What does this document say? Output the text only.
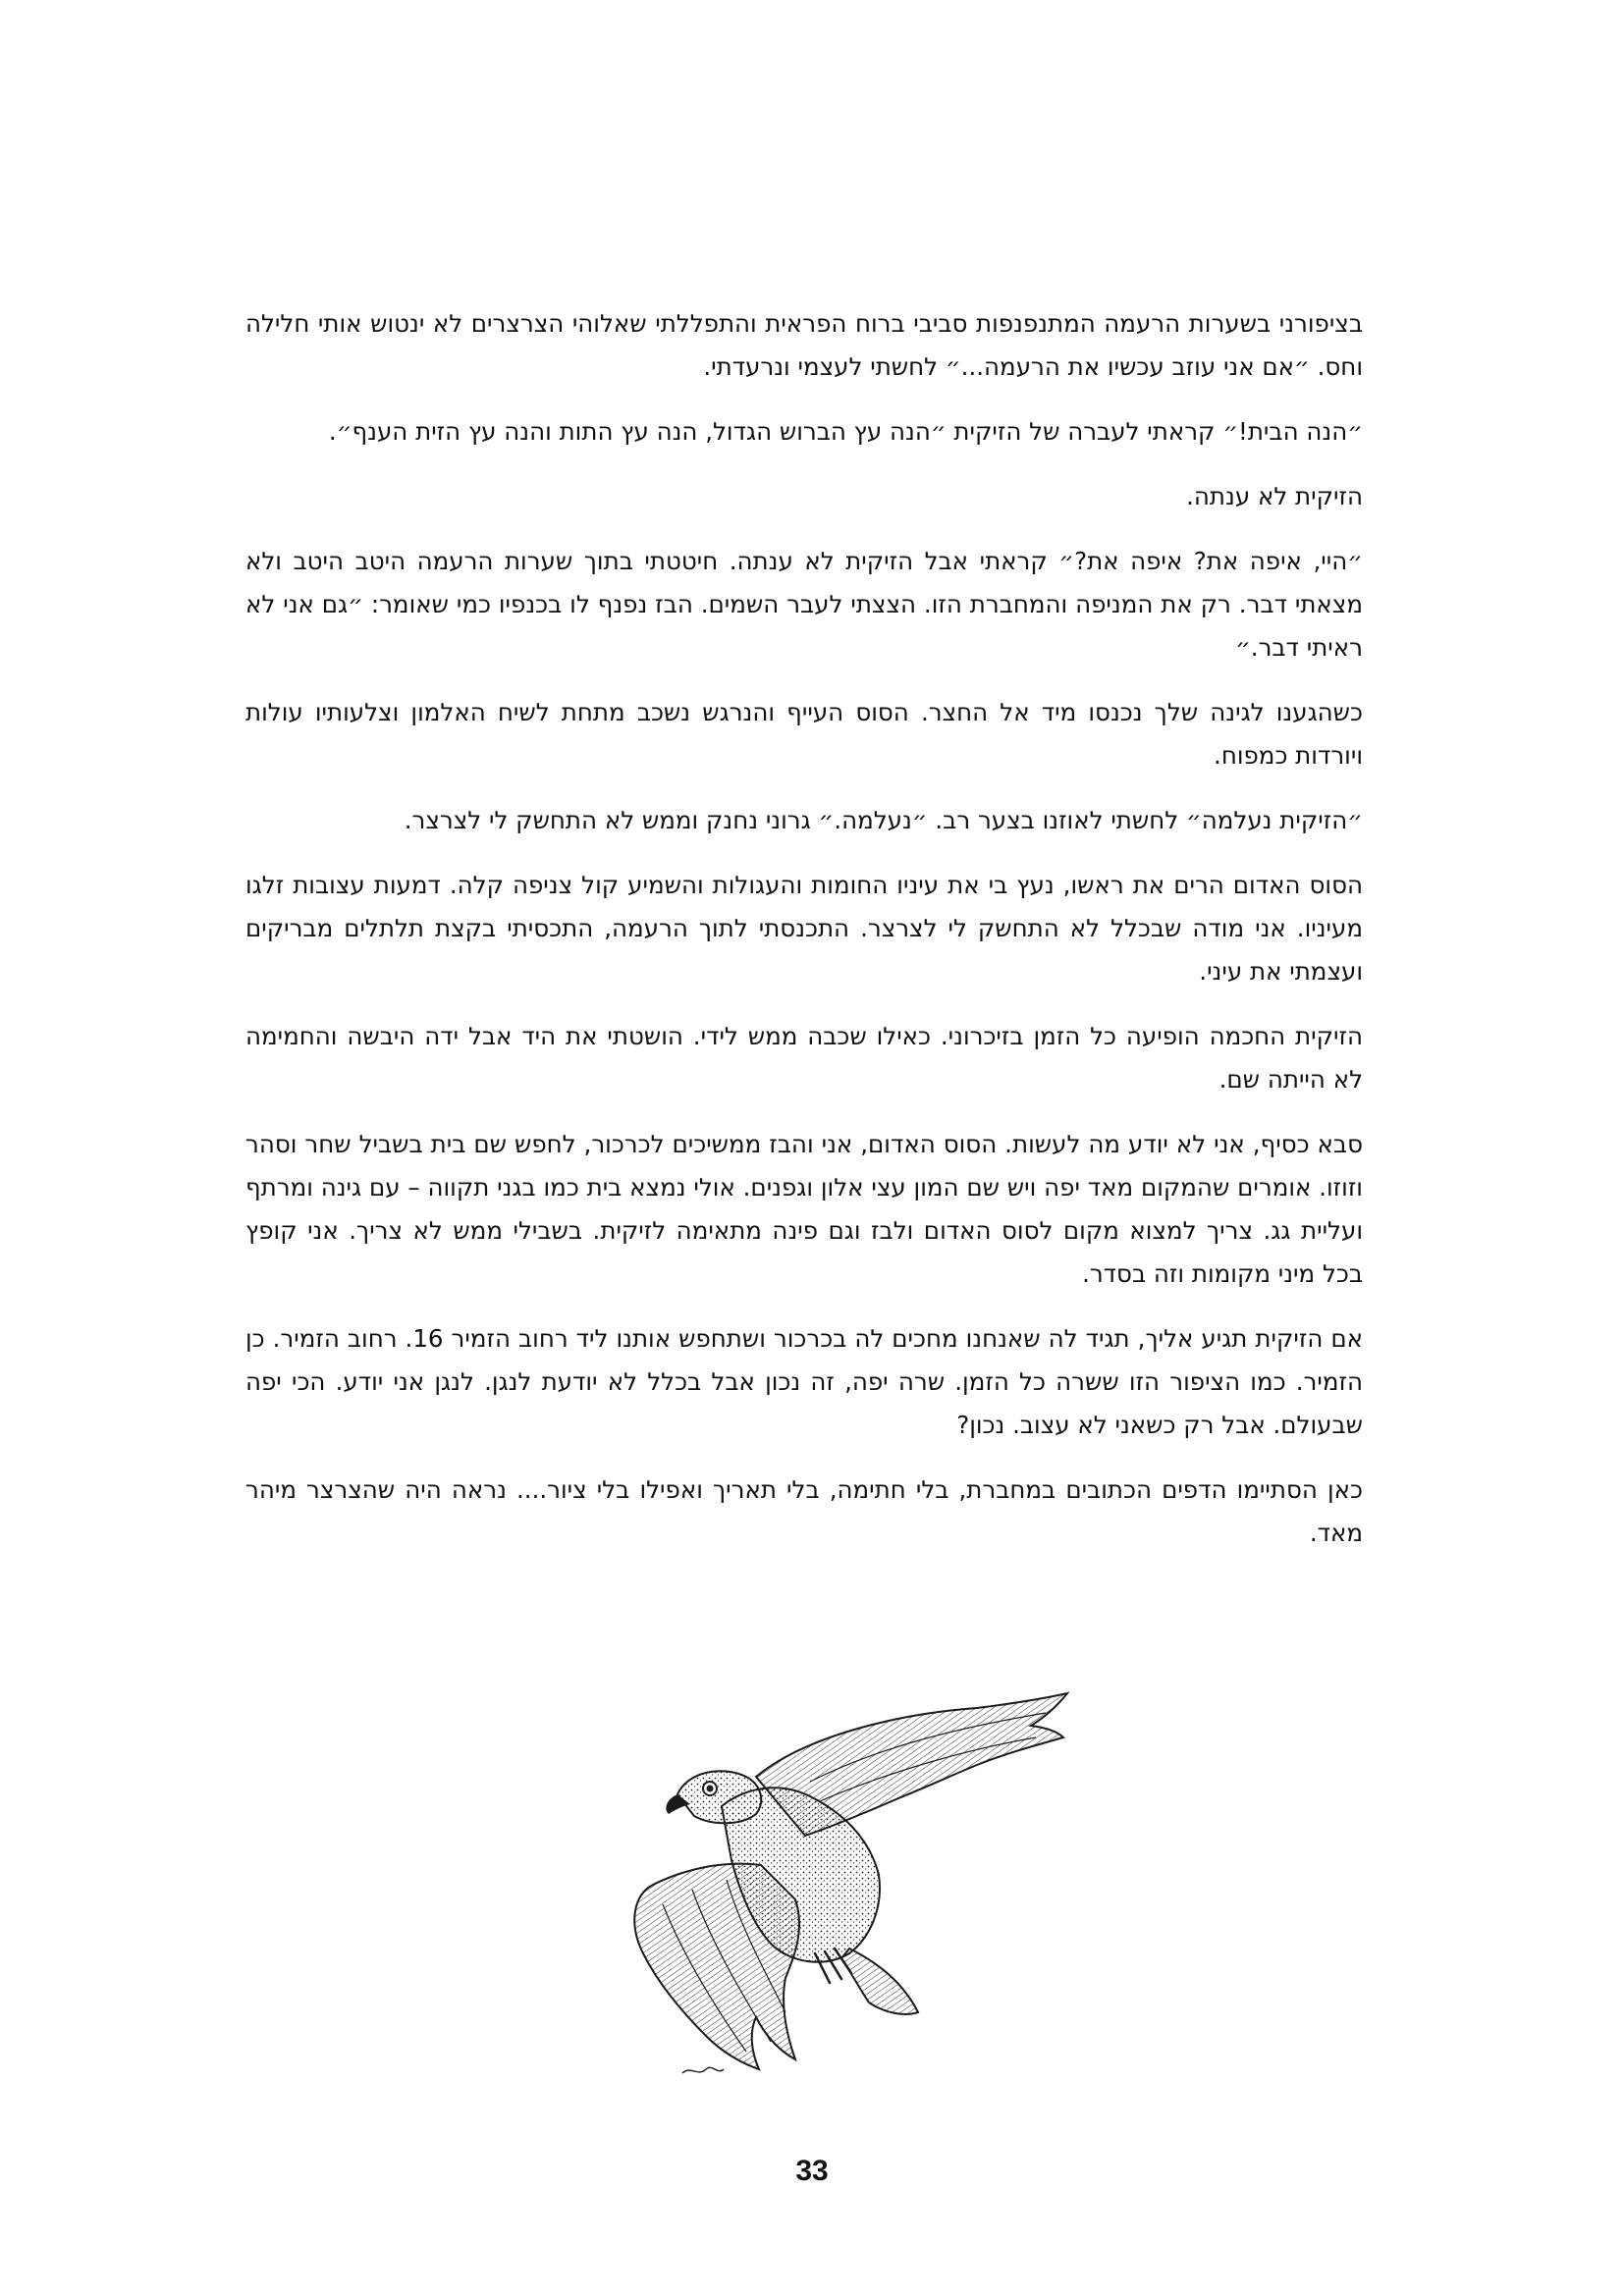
בציפורני בשערות הרעמה המתנפנפות סביבי ברוח הפראית והתפללתי שאלוהי הצרצרים לא ינטוש אותי חלילה וחס. ״אם אני עוזב עכשיו את הרעמה...״ לחשתי לעצמי ונרעדתי.

״הנה הבית!״ קראתי לעברה של הזיקית ״הנה עץ הברוש הגדול, הנה עץ התות והנה עץ הזית הענף״.

הזיקית לא ענתה.

״היי, איפה את? איפה את?״ קראתי אבל הזיקית לא ענתה. חיטטתי בתוך שערות הרעמה היטב היטב ולא מצאתי דבר. רק את המניפה והמחברת הזו. הצצתי לעבר השמים. הבז נפנף לו בכנפיו כמי שאומר: ״גם אני לא ראיתי דבר.״

כשהגענו לגינה שלך נכנסו מיד אל החצר. הסוס העייף והנרגש נשכב מתחת לשיח האלמון וצלעותיו עולות ויורדות כמפוח.

״הזיקית נעלמה״ לחשתי לאוזנו בצער רב. ״נעלמה.״ גרוני נחנק וממש לא התחשק לי לצרצר.

הסוס האדום הרים את ראשו, נעץ בי את עיניו החומות והעגולות והשמיע קול צניפה קלה. דמעות עצובות זלגו מעיניו. אני מודה שבכלל לא התחשק לי לצרצר. התכנסתי לתוך הרעמה, התכסיתי בקצת תלתלים מבריקים ועצמתי את עיני.

הזיקית החכמה הופיעה כל הזמן בזיכרוני. כאילו שכבה ממש לידי. הושטתי את היד אבל ידה היבשה והחמימה לא הייתה שם.

סבא כסיף, אני לא יודע מה לעשות. הסוס האדום, אני והבז ממשיכים לכרכור, לחפש שם בית בשביל שחר וסהר וזוזו. אומרים שהמקום מאד יפה ויש שם המון עצי אלון וגפנים. אולי נמצא בית כמו בגני תקווה – עם גינה ומרתף ועליית גג. צריך למצוא מקום לסוס האדום ולבז וגם פינה מתאימה לזיקית. בשבילי ממש לא צריך. אני קופץ בכל מיני מקומות וזה בסדר.

אם הזיקית תגיע אליך, תגיד לה שאנחנו מחכים לה בכרכור ושתחפש אותנו ליד רחוב הזמיר 16. רחוב הזמיר. כן הזמיר. כמו הציפור הזו ששרה כל הזמן. שרה יפה, זה נכון אבל בכלל לא יודעת לנגן. לנגן אני יודע. הכי יפה שבעולם. אבל רק כשאני לא עצוב. נכון?

כאן הסתיימו הדפים הכתובים במחברת, בלי חתימה, בלי תאריך ואפילו בלי ציור.... נראה היה שהצרצר מיהר מאד.

33
